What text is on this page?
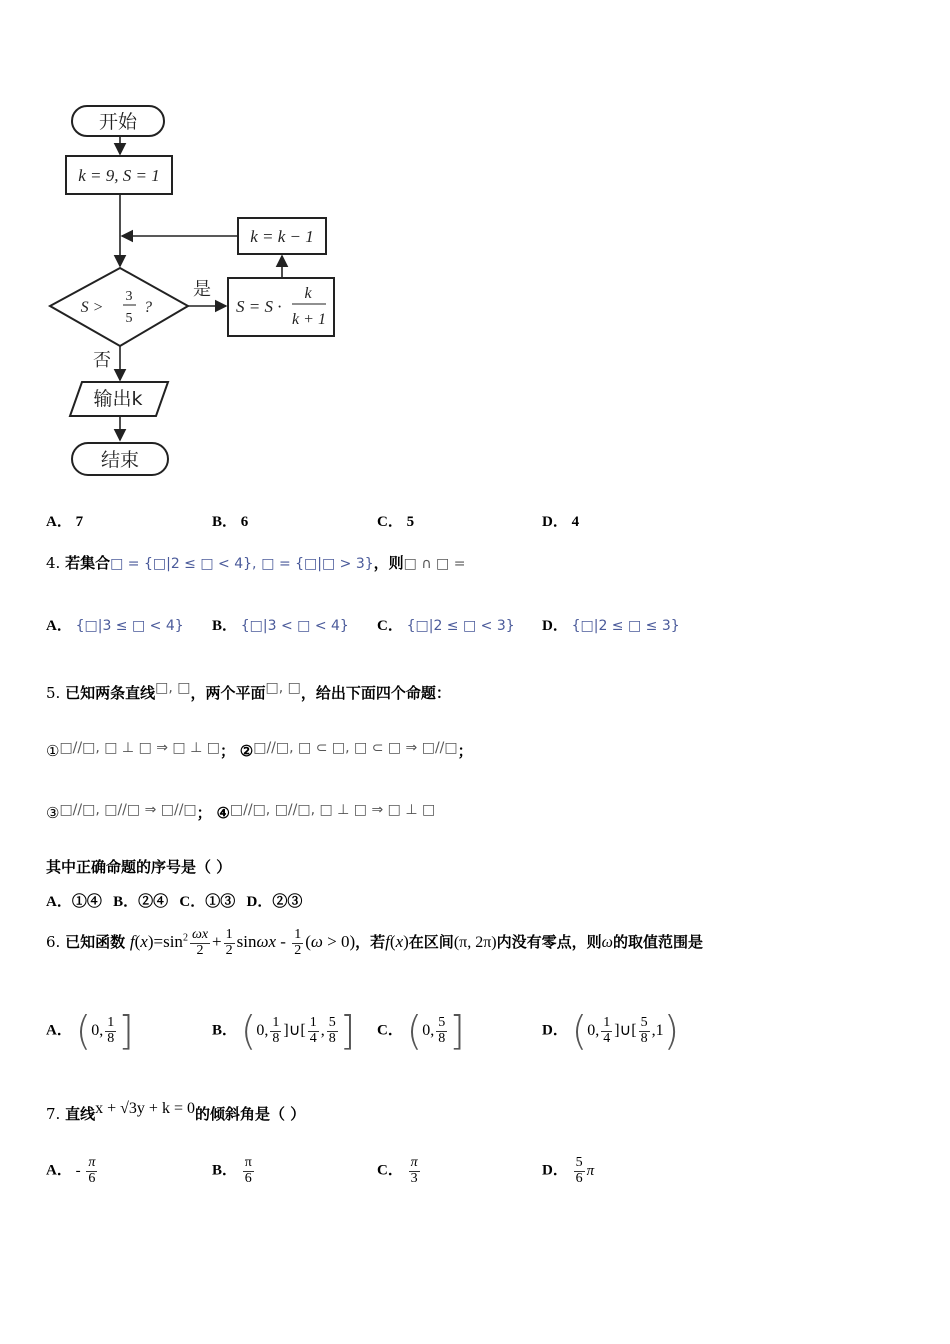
开始
k = 9, S = 1
k = k − 1
S >
3
5
?
是
S = S ·
k
k + 1
否
输出k
结束
A． 7	B． 6	C． 5	D． 4
4. 若集合□ = {□|2 ≤ □ < 4}, □ = {□|□ > 3}，则□ ∩ □ =
A． {□|3 ≤ □ < 4} B． {□|3 < □ < 4} C． {□|2 ≤ □ < 3} D． {□|2 ≤ □ ≤ 3}
5. 已知两条直线□, □，两个平面□, □，给出下面四个命题：
①□//□, □ ⊥ □ ⇒ □ ⊥ □； ②□//□, □ ⊂ □, □ ⊂ □ ⇒ □//□；
③□//□, □//□ ⇒ □//□； ④□//□, □//□, □ ⊥ □ ⇒ □ ⊥ □
其中正确命题的序号是（ ）
A．①④ B．②④ C．①③ D．②③
6. 已知函数 $f(x)=\sin^2 \frac{\omega x}{2} + \frac{1}{2}$ $\sin\omega x - \frac{1}{2} (\omega > 0)$，若f(x)在区间(π, 2π)内没有零点，则ω的取值范围是
A． (0, $\frac{1}{8}$ ]	B． (0, $\frac{1}{8}$ ]∪[ $\frac{1}{4}$ , $\frac{5}{8}$ ] C． (0, $\frac{5}{8}$ ]	D． (0, $\frac{1}{4}$ ]∪[ $\frac{5}{8} ,1$)
7. 直线x + √3y + k = 0的倾斜角是（ ）
A． - $\frac{\pi}{6}$	B． $\frac{\pi}{6}$	C． $\frac{\pi}{3}$	D． $\frac{5}{6}$ π
